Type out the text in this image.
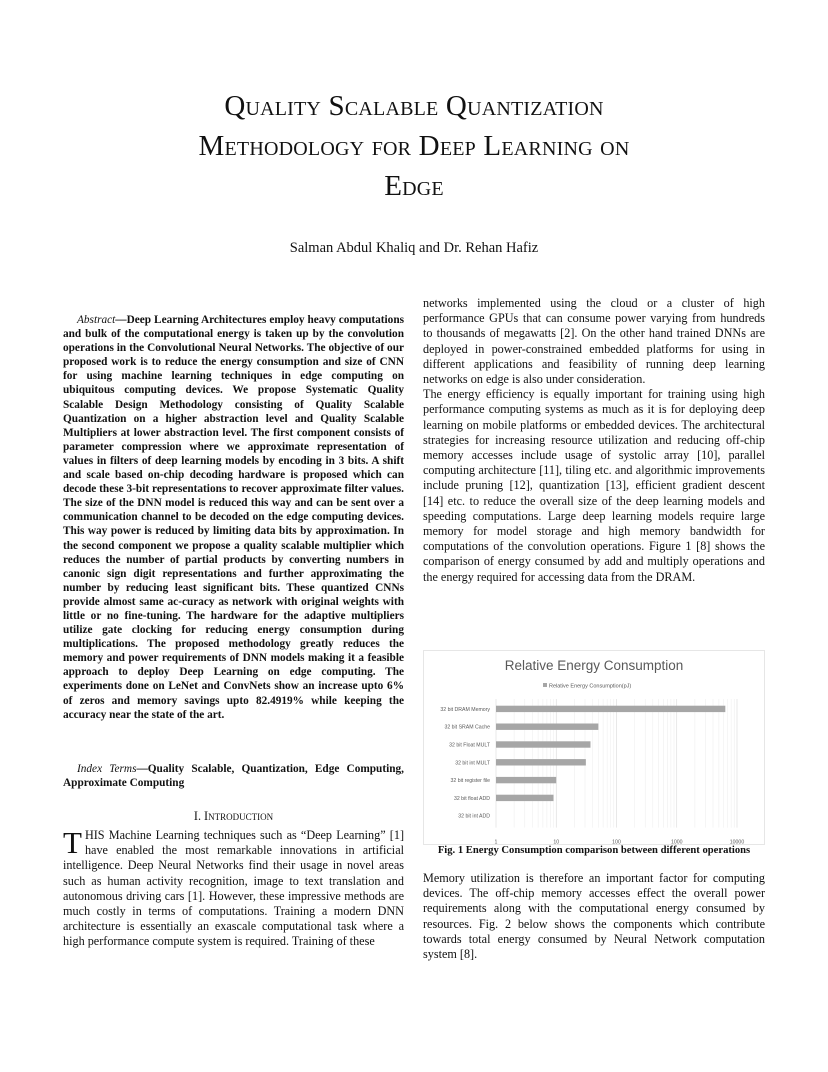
Quality Scalable Quantization
Methodology for Deep Learning on
Edge
Salman Abdul Khaliq and Dr. Rehan Hafiz

Abstract—Deep Learning Architectures employ heavy computations and bulk of the computational energy is taken up by the convolution operations in the Convolutional Neural Networks. The objective of our proposed work is to reduce the energy consumption and size of CNN for using machine learning techniques in edge computing on ubiquitous computing devices. We propose Systematic Quality Scalable Design Methodology consisting of Quality Scalable Quantization on a higher abstraction level and Quality Scalable Multipliers at lower abstraction level. The first component consists of parameter compression where we approximate representation of values in filters of deep learning models by encoding in 3 bits. A shift and scale based on-chip decoding hardware is proposed which can decode these 3-bit representations to recover approximate filter values. The size of the DNN model is reduced this way and can be sent over a communication channel to be decoded on the edge computing devices. This way power is reduced by limiting data bits by approximation. In the second component we propose a quality scalable multiplier which reduces the number of partial products by converting numbers in canonic sign digit representations and further approximating the number by reducing least significant bits. These quantized CNNs provide almost same ac-curacy as network with original weights with little or no fine-tuning. The hardware for the adaptive multipliers utilize gate clocking for reducing energy consumption during multiplications. The proposed methodology greatly reduces the memory and power requirements of DNN models making it a feasible approach to deploy Deep Learning on edge computing. The experiments done on LeNet and ConvNets show an increase upto 6% of zeros and memory savings upto 82.4919% while keeping the accuracy near the state of the art.

Index Terms—Quality Scalable, Quantization, Edge Computing, Approximate Computing

I. Introduction

THIS Machine Learning techniques such as “Deep Learning” [1] have enabled the most remarkable innovations in artificial intelligence. Deep Neural Networks find their usage in novel areas such as human activity recognition, image to text translation and autonomous driving cars [1]. However, these impressive methods are much costly in terms of computations. Training a modern DNN architecture is essentially an exascale computational task where a high performance compute system is required. Training of these

networks implemented using the cloud or a cluster of high performance GPUs that can consume power varying from hundreds to thousands of megawatts [2]. On the other hand trained DNNs are deployed in power-constrained embedded platforms for using in different applications and feasibility of running deep learning networks on edge is also under consideration.

The energy efficiency is equally important for training using high performance computing systems as much as it is for deploying deep learning on mobile platforms or embedded devices. The architectural strategies for increasing resource utilization and reducing off-chip memory accesses include usage of systolic array [10], parallel computing architecture [11], tiling etc. and algorithmic improvements include pruning [12], quantization [13], efficient gradient descent [14] etc. to reduce the overall size of the deep learning models and speeding computations. Large deep learning models require large memory for model storage and high memory bandwidth for computations of the convolution operations. Figure 1 [8] shows the comparison of energy consumed by add and multiply operations and the energy required for accessing data from the DRAM.

Relative Energy Consumption
Relative Energy Consumption(pJ)
32 bit DRAM Memory
32 bit SRAM Cache
32 bit Float MULT
32 bit int MULT
32 bit register file
32 bit float ADD
32 bit int ADD
1	10	100	1000	10000
Fig. 1 Energy Consumption comparison between different operations

Memory utilization is therefore an important factor for computing devices. The off-chip memory accesses effect the overall power requirements along with the computational energy consumed by resources. Fig. 2 below shows the components which contribute towards total energy consumed by Neural Network computation system [8].
